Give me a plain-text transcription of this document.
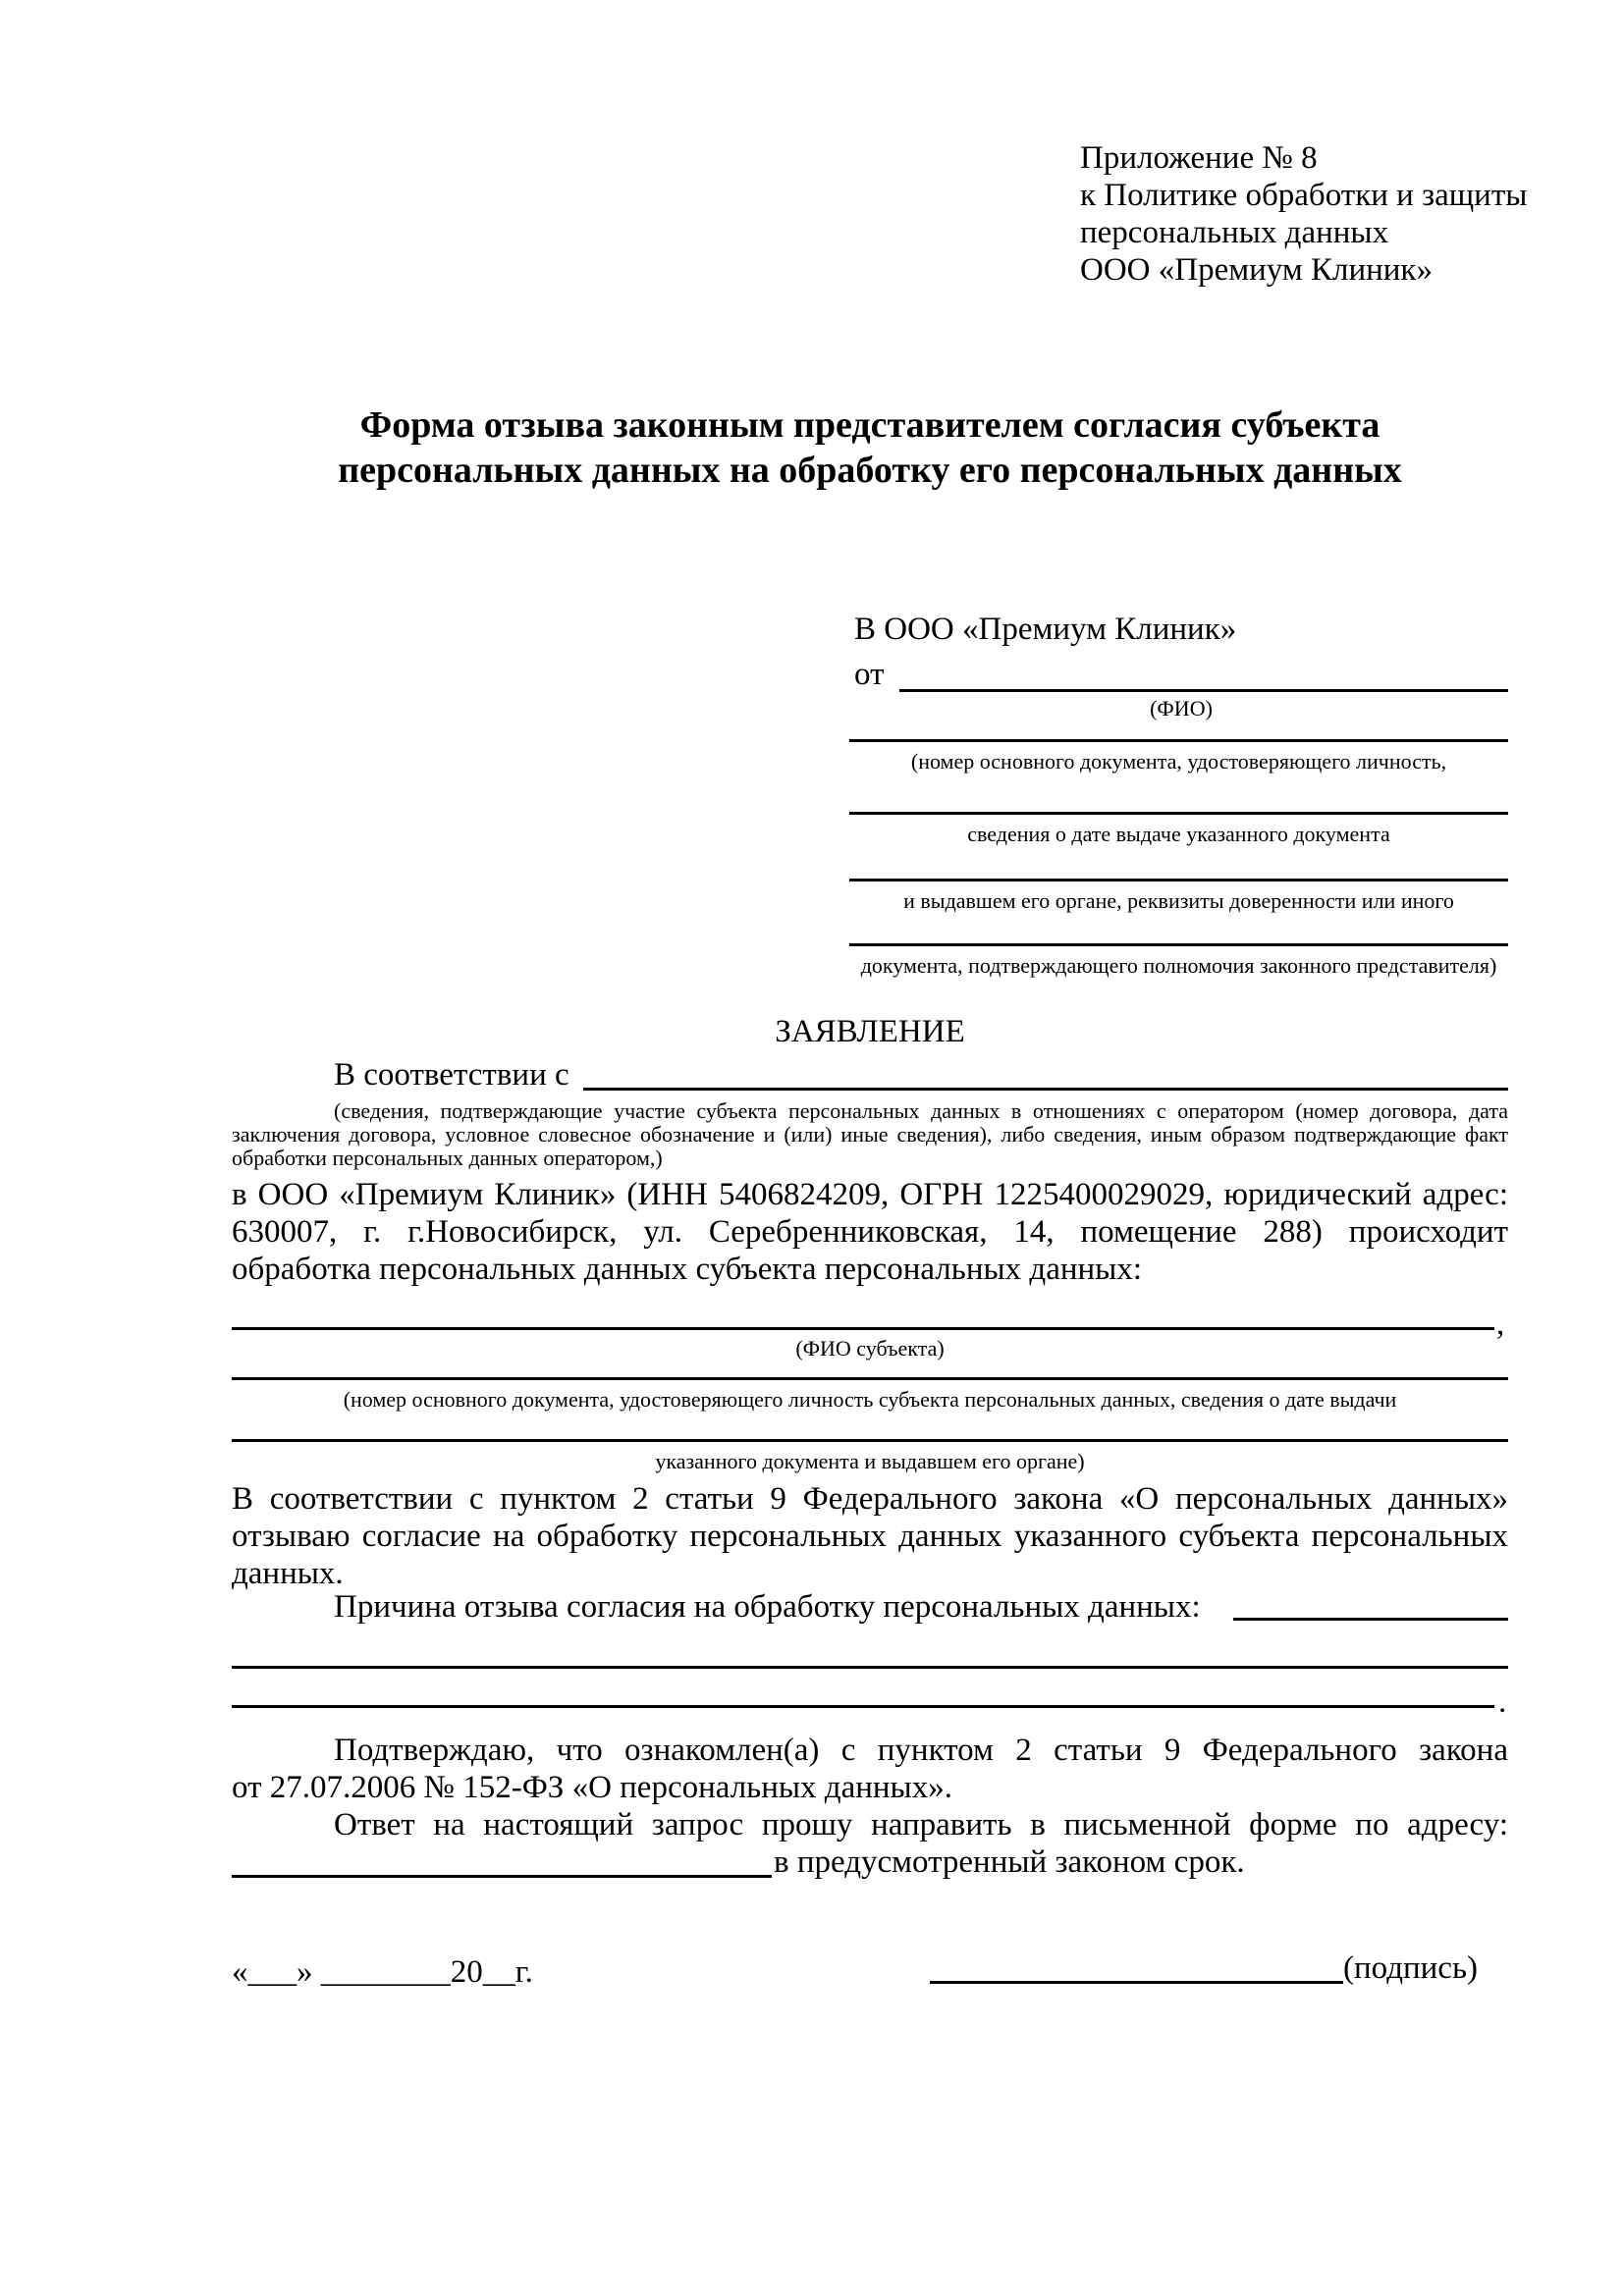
Приложение № 8
к Политике обработки и защиты
персональных данных
ООО «Премиум Клиник»
Форма отзыва законным представителем согласия субъекта
персональных данных на обработку его персональных данных
В ООО «Премиум Клиник»
от
(ФИО)
(номер основного документа, удостоверяющего личность,
сведения о дате выдаче указанного документа
и выдавшем его органе, реквизиты доверенности или иного
документа, подтверждающего полномочия законного представителя)
ЗАЯВЛЕНИЕ
В соответствии с
(сведения, подтверждающие участие субъекта персональных данных в отношениях с оператором (номер договора, дата
заключения договора, условное словесное обозначение и (или) иные сведения), либо сведения, иным образом подтверждающие факт
обработки персональных данных оператором,)
в ООО «Премиум Клиник» (ИНН 5406824209, ОГРН 1225400029029, юридический адрес:
630007, г. г.Новосибирск, ул. Серебренниковская, 14, помещение 288) происходит
обработка персональных данных субъекта персональных данных:
,
(ФИО субъекта)
(номер основного документа, удостоверяющего личность субъекта персональных данных, сведения о дате выдачи
указанного документа и выдавшем его органе)
В соответствии с пунктом 2 статьи 9 Федерального закона «О персональных данных»
отзываю согласие на обработку персональных данных указанного субъекта персональных
данных.
Причина отзыва согласия на обработку персональных данных:
.
Подтверждаю, что ознакомлен(а) с пунктом 2 статьи 9 Федерального закона
от 27.07.2006 № 152-ФЗ «О персональных данных».
Ответ на настоящий запрос прошу направить в письменной форме по адресу:
в предусмотренный законом срок.
«___» ________20__г.	(подпись)
